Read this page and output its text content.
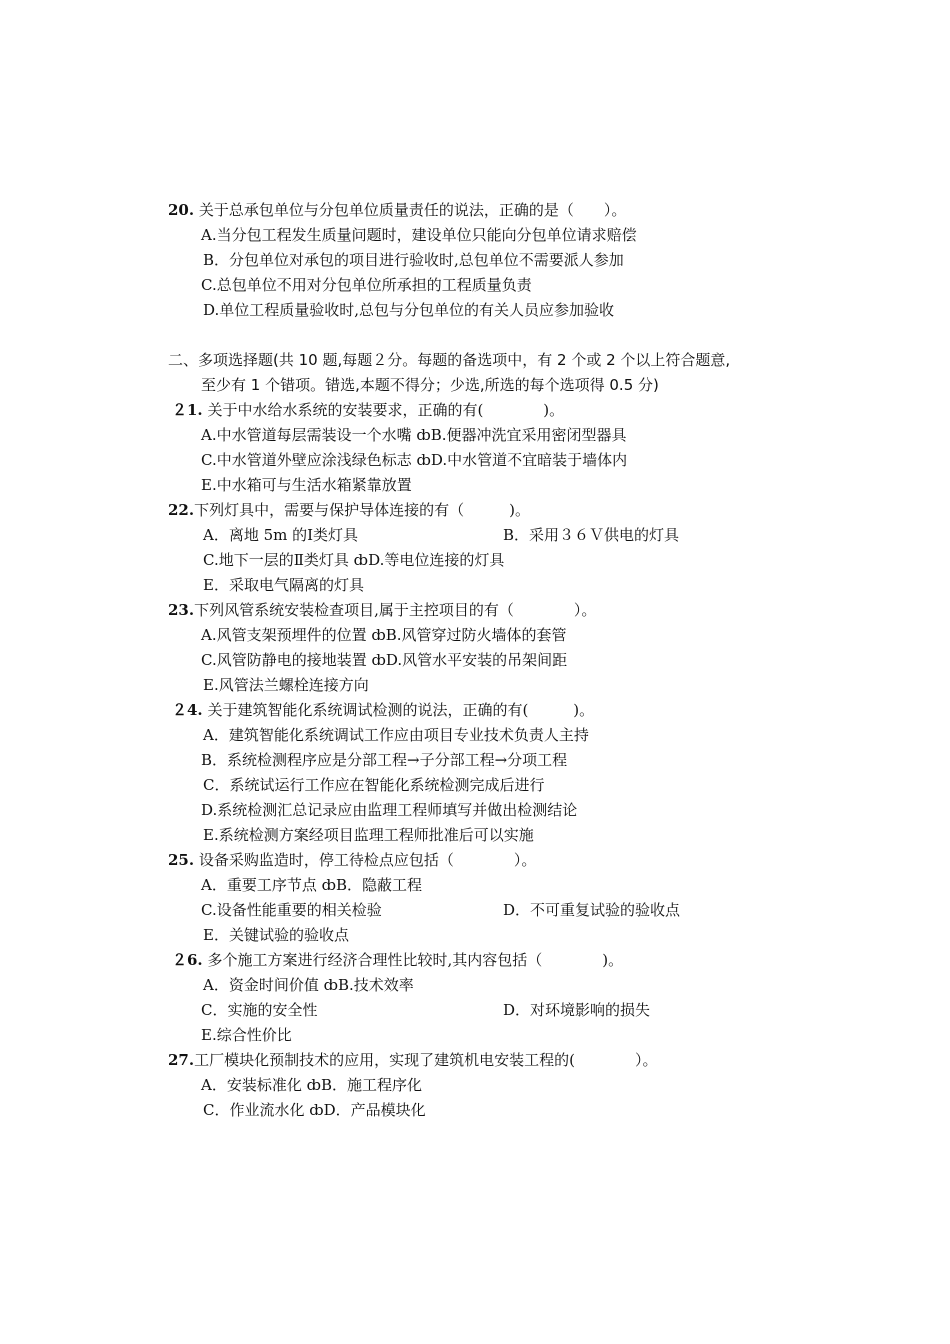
20. 关于总承包单位与分包单位质量责任的说法，正确的是（　　）。
A.当分包工程发生质量问题时，建设单位只能向分包单位请求赔偿
B．分包单位对承包的项目进行验收时,总包单位不需要派人参加
C.总包单位不用对分包单位所承担的工程质量负责
D.单位工程质量验收时,总包与分包单位的有关人员应参加验收
二、多项选择题(共 10 题,每题２分。每题的备选项中，有 2 个或 2 个以上符合题意,
至少有 1 个错项。错选,本题不得分；少选,所选的每个选项得 0.5 分)
２1. 关于中水给水系统的安装要求，正确的有(　　　　)。
A.中水管道每层需装设一个水嘴 ȸB.便器冲洗宜采用密闭型器具
C.中水管道外壁应涂浅绿色标志 ȸD.中水管道不宜暗装于墙体内
E.中水箱可与生活水箱紧靠放置
22.下列灯具中，需要与保护导体连接的有（　　　)。
A．离地 5m 的Ⅰ类灯具	B．采用３６Ｖ供电的灯具
C.地下一层的Ⅱ类灯具 ȸD.等电位连接的灯具
E．采取电气隔离的灯具
23.下列风管系统安装检查项目,属于主控项目的有（　　　　）。
A.风管支架预埋件的位置 ȸB.风管穿过防火墙体的套管
C.风管防静电的接地装置 ȸD.风管水平安装的吊架间距
E.风管法兰螺栓连接方向
２4. 关于建筑智能化系统调试检测的说法，正确的有(　　　)。
A．建筑智能化系统调试工作应由项目专业技术负责人主持
B．系统检测程序应是分部工程→子分部工程→分项工程
C．系统试运行工作应在智能化系统检测完成后进行
D.系统检测汇总记录应由监理工程师填写并做出检测结论
E.系统检测方案经项目监理工程师批准后可以实施
25. 设备采购监造时，停工待检点应包括（　　　　）。
A．重要工序节点 ȸB．隐蔽工程
C.设备性能重要的相关检验	D．不可重复试验的验收点
E．关键试验的验收点
２6. 多个施工方案进行经济合理性比较时,其内容包括（　　　　)。
A．资金时间价值 ȸB.技术效率
C．实施的安全性	D．对环境影响的损失
E.综合性价比
27.工厂模块化预制技术的应用，实现了建筑机电安装工程的(　　　　）。
A．安装标准化 ȸB．施工程序化
C．作业流水化 ȸD．产品模块化
